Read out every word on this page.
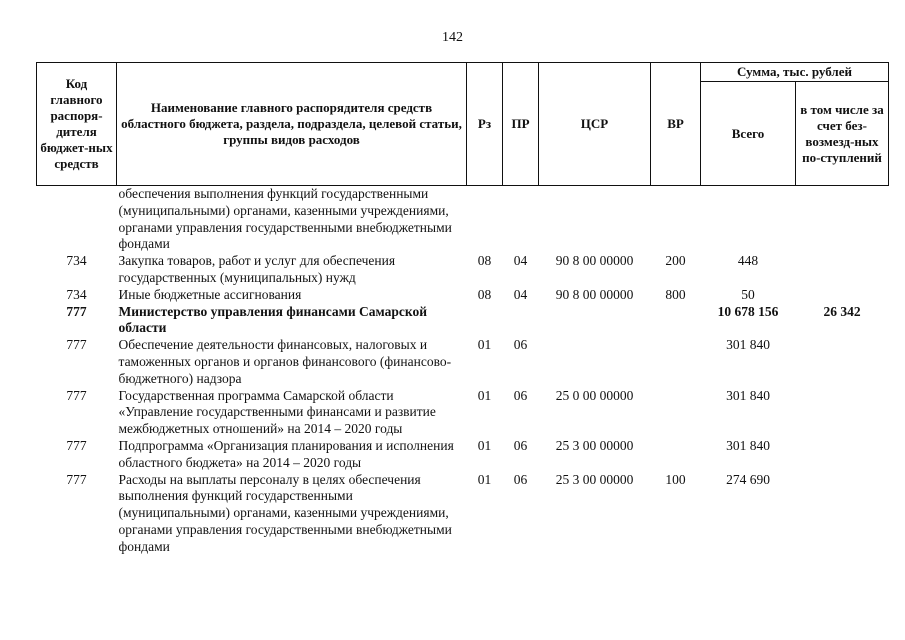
142
Код главного распоря-дителя бюджет-ных средств	Наименование главного распорядителя средств областного бюджета, раздела, подраздела, целевой статьи, группы видов расходов	Рз	ПР	ЦСР	ВР	Сумма, тыс. рублей	
						Всего	в том числе за счет без-возмезд-ных по-ступлений
	обеспечения выполнения функций государственными (муниципальными) органами, казенными учреждениями, органами управления государственными внебюджетными фондами						
734	Закупка товаров, работ и услуг для обеспечения государственных (муниципальных) нужд	08	04	90 8 00 00000	200	448	
734	Иные бюджетные ассигнования	08	04	90 8 00 00000	800	50	
777	Министерство управления финансами Самарской области					10 678 156	26 342
777	Обеспечение деятельности финансовых, налоговых и таможенных органов и органов финансового (финансово-бюджетного) надзора	01	06			301 840	
777	Государственная программа Самарской области «Управление государственными финансами и развитие межбюджетных отношений» на 2014 – 2020 годы	01	06	25 0 00 00000		301 840	
777	Подпрограмма «Организация планирования и исполнения областного бюджета» на 2014 – 2020 годы	01	06	25 3 00 00000		301 840	
777	Расходы на выплаты персоналу в целях обеспечения выполнения функций государственными (муниципальными) органами, казенными учреждениями, органами управления государственными внебюджетными фондами	01	06	25 3 00 00000	100	274 690	
